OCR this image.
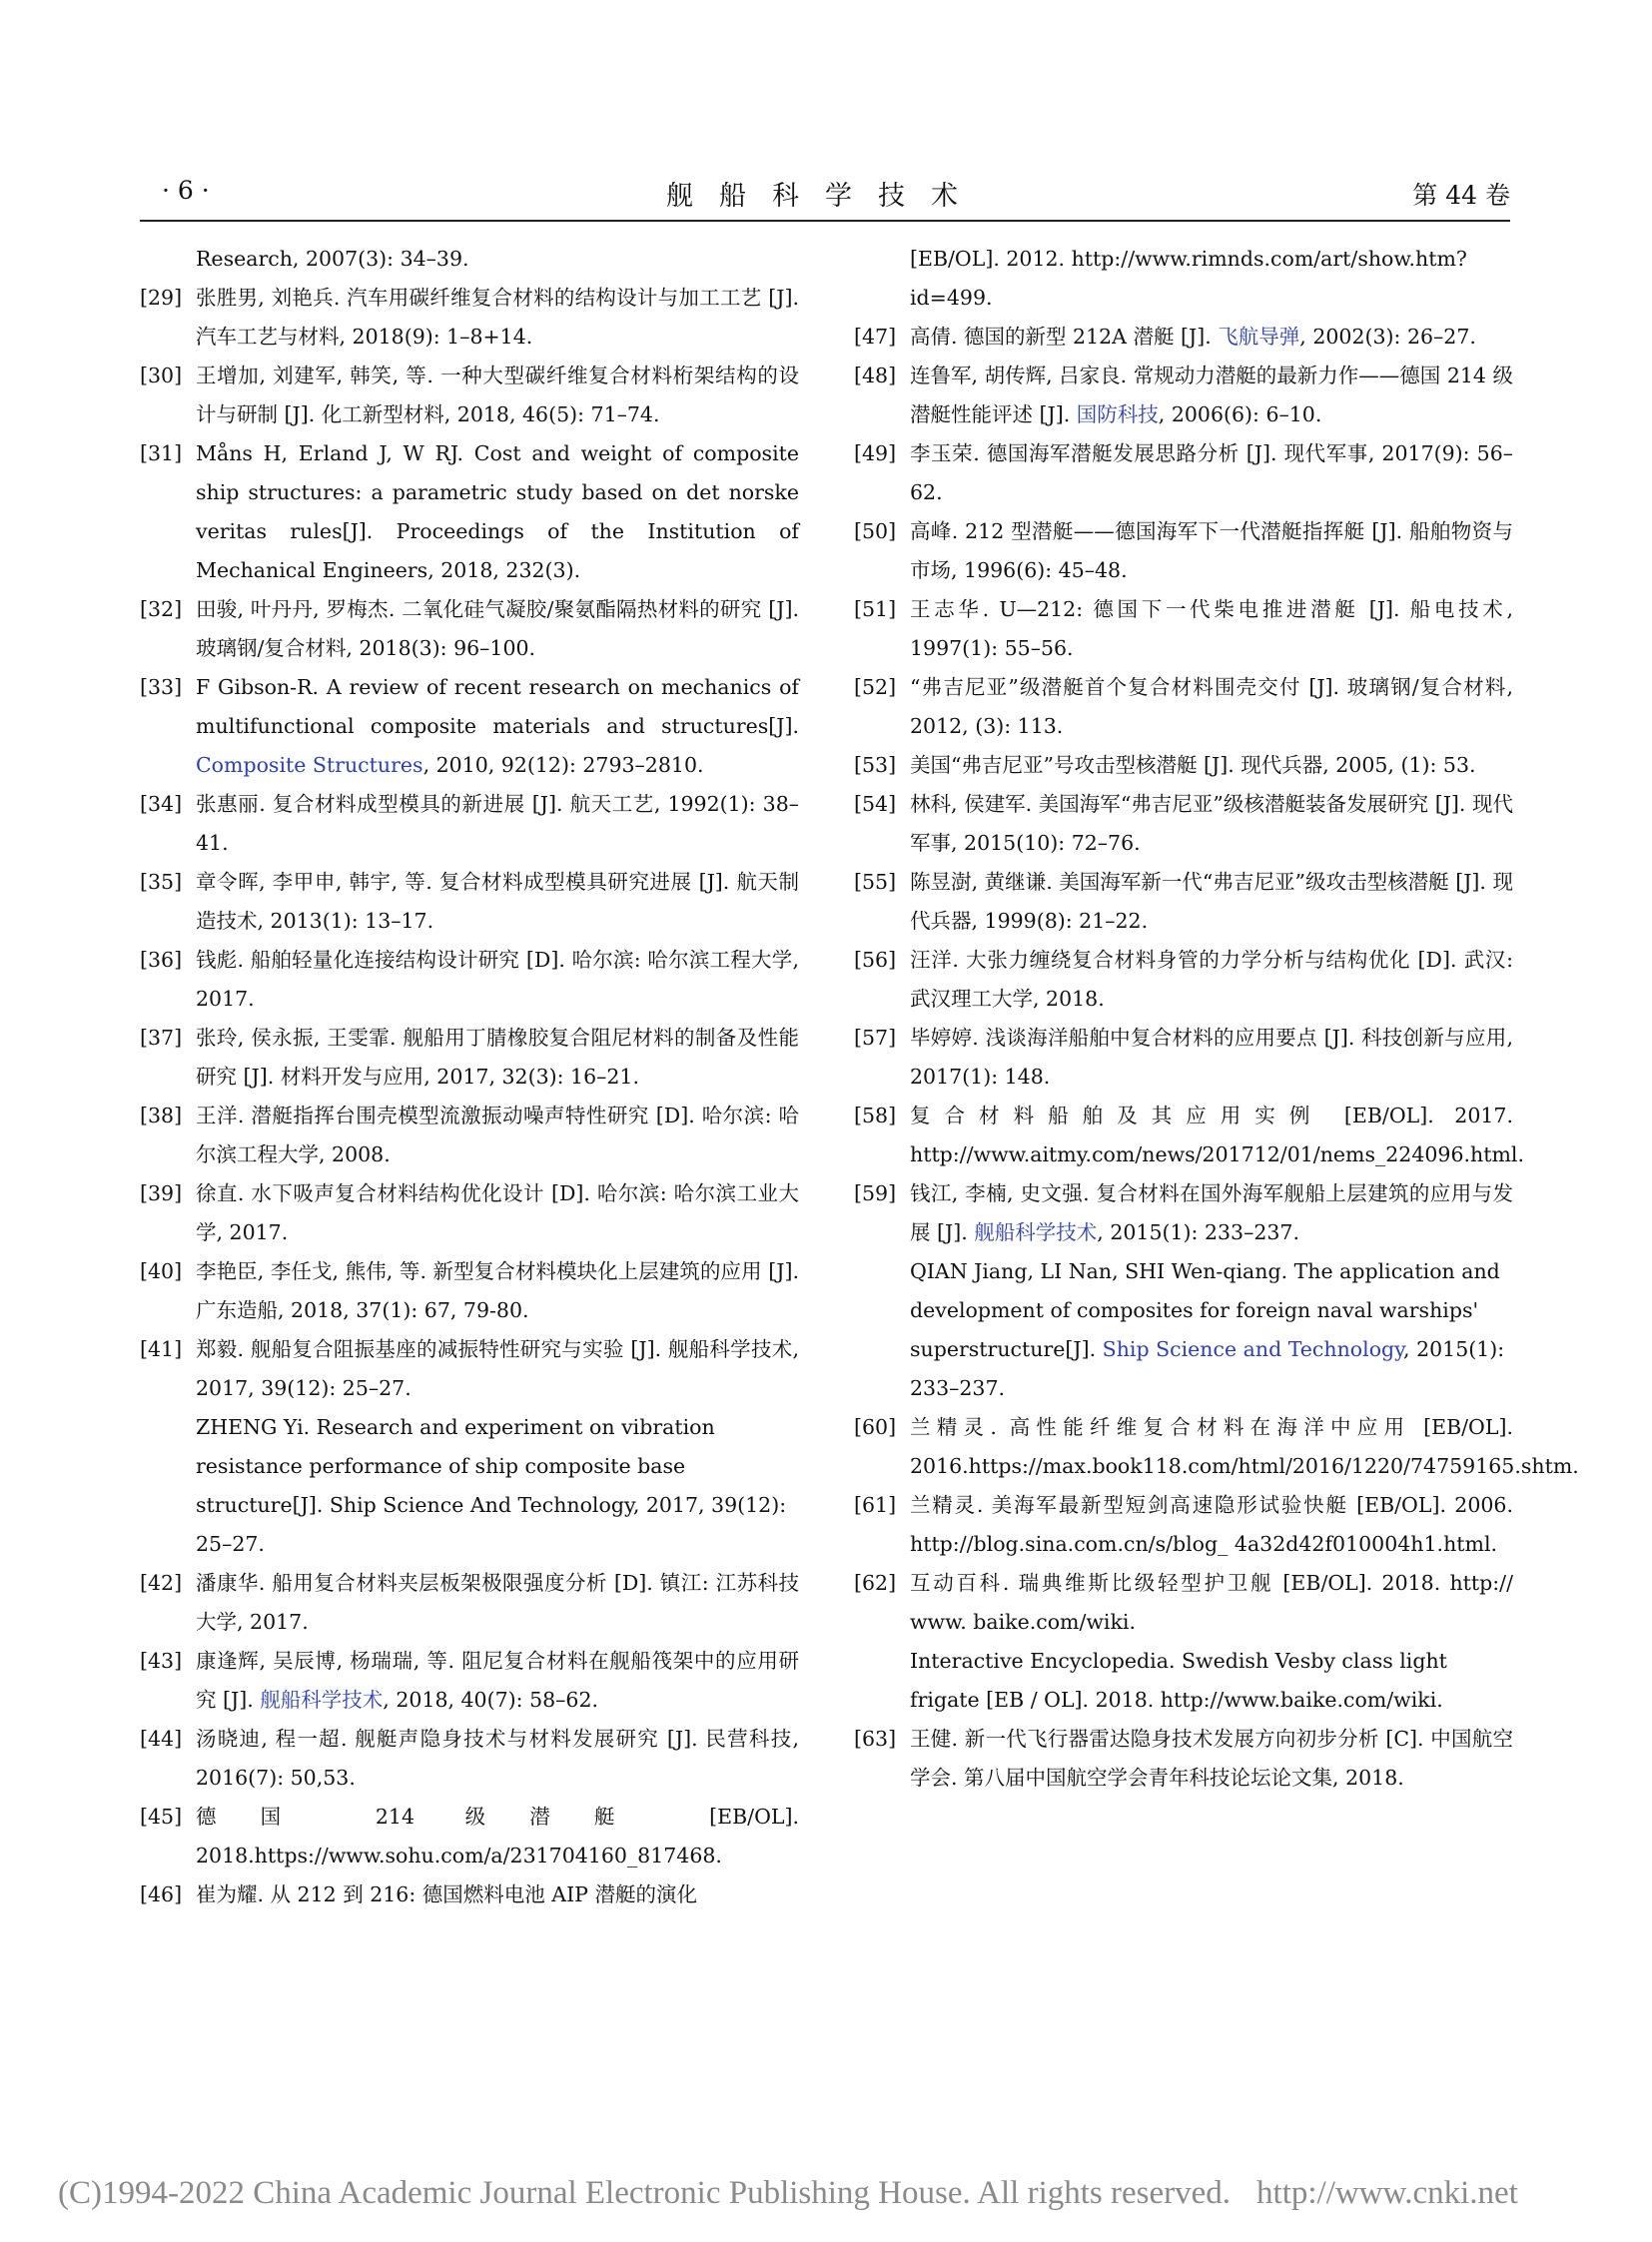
· 6 ·	舰船科学技术	第 44 卷
Research, 2007(3): 34–39.
[29] 张胜男, 刘艳兵. 汽车用碳纤维复合材料的结构设计与加工工艺 [J]. 汽车工艺与材料, 2018(9): 1–8+14.
[30] 王增加, 刘建军, 韩笑, 等. 一种大型碳纤维复合材料桁架结构的设计与研制 [J]. 化工新型材料, 2018, 46(5): 71–74.
[31] Måns H, Erland J, W RJ. Cost and weight of composite ship structures: a parametric study based on det norske veritas rules[J]. Proceedings of the Institution of Mechanical Engineers, 2018, 232(3).
[32] 田骏, 叶丹丹, 罗梅杰. 二氧化硅气凝胶/聚氨酯隔热材料的研究 [J]. 玻璃钢/复合材料, 2018(3): 96–100.
[33] F Gibson-R. A review of recent research on mechanics of multifunctional composite materials and structures[J]. Composite Structures, 2010, 92(12): 2793–2810.
[34] 张惠丽. 复合材料成型模具的新进展 [J]. 航天工艺, 1992(1): 38–41.
[35] 章令晖, 李甲申, 韩宇, 等. 复合材料成型模具研究进展 [J]. 航天制造技术, 2013(1): 13–17.
[36] 钱彪. 船舶轻量化连接结构设计研究 [D]. 哈尔滨: 哈尔滨工程大学, 2017.
[37] 张玲, 侯永振, 王雯霏. 舰船用丁腈橡胶复合阻尼材料的制备及性能研究 [J]. 材料开发与应用, 2017, 32(3): 16–21.
[38] 王洋. 潜艇指挥台围壳模型流激振动噪声特性研究 [D]. 哈尔滨: 哈尔滨工程大学, 2008.
[39] 徐直. 水下吸声复合材料结构优化设计 [D]. 哈尔滨: 哈尔滨工业大学, 2017.
[40] 李艳臣, 李任戈, 熊伟, 等. 新型复合材料模块化上层建筑的应用 [J]. 广东造船, 2018, 37(1): 67, 79-80.
[41] 郑毅. 舰船复合阻振基座的减振特性研究与实验 [J]. 舰船科学技术, 2017, 39(12): 25–27.
ZHENG Yi. Research and experiment on vibration resistance performance of ship composite base structure[J]. Ship Science And Technology, 2017, 39(12): 25–27.
[42] 潘康华. 船用复合材料夹层板架极限强度分析 [D]. 镇江: 江苏科技大学, 2017.
[43] 康逢辉, 吴辰博, 杨瑞瑞, 等. 阻尼复合材料在舰船筏架中的应用研究 [J]. 舰船科学技术, 2018, 40(7): 58–62.
[44] 汤晓迪, 程一超. 舰艇声隐身技术与材料发展研究 [J]. 民营科技, 2016(7): 50,53.
[45] 德国 214 级潜艇 [EB/OL]. 2018.https://www.sohu.com/a/231704160_817468.
[46] 崔为耀. 从 212 到 216: 德国燃料电池 AIP 潜艇的演化
[EB/OL]. 2012. http://www.rimnds.com/art/show.htm?id=499.
[47] 高倩. 德国的新型 212A 潜艇 [J]. 飞航导弹, 2002(3): 26–27.
[48] 连鲁军, 胡传辉, 吕家良. 常规动力潜艇的最新力作——德国 214 级潜艇性能评述 [J]. 国防科技, 2006(6): 6–10.
[49] 李玉荣. 德国海军潜艇发展思路分析 [J]. 现代军事, 2017(9): 56–62.
[50] 高峰. 212 型潜艇——德国海军下一代潜艇指挥艇 [J]. 船舶物资与市场, 1996(6): 45–48.
[51] 王志华. U—212: 德国下一代柴电推进潜艇 [J]. 船电技术, 1997(1): 55–56.
[52] “弗吉尼亚”级潜艇首个复合材料围壳交付 [J]. 玻璃钢/复合材料, 2012, (3): 113.
[53] 美国“弗吉尼亚”号攻击型核潜艇 [J]. 现代兵器, 2005, (1): 53.
[54] 林科, 侯建军. 美国海军“弗吉尼亚”级核潜艇装备发展研究 [J]. 现代军事, 2015(10): 72–76.
[55] 陈昱澍, 黄继谦. 美国海军新一代“弗吉尼亚”级攻击型核潜艇 [J]. 现代兵器, 1999(8): 21–22.
[56] 汪洋. 大张力缠绕复合材料身管的力学分析与结构优化 [D]. 武汉: 武汉理工大学, 2018.
[57] 毕婷婷. 浅谈海洋船舶中复合材料的应用要点 [J]. 科技创新与应用, 2017(1): 148.
[58] 复合材料船舶及其应用实例 [EB/OL]. 2017. http://www.aitmy.com/news/201712/01/nems_224096.html.
[59] 钱江, 李楠, 史文强. 复合材料在国外海军舰船上层建筑的应用与发展 [J]. 舰船科学技术, 2015(1): 233–237.
QIAN Jiang, LI Nan, SHI Wen-qiang. The application and development of composites for foreign naval warships' superstructure[J]. Ship Science and Technology, 2015(1): 233–237.
[60] 兰精灵. 高性能纤维复合材料在海洋中应用 [EB/OL]. 2016.https://max.book118.com/html/2016/1220/74759165.shtm.
[61] 兰精灵. 美海军最新型短剑高速隐形试验快艇 [EB/OL]. 2006. http://blog.sina.com.cn/s/blog_ 4a32d42f010004h1.html.
[62] 互动百科. 瑞典维斯比级轻型护卫舰 [EB/OL]. 2018. http:// www. baike.com/wiki.
Interactive Encyclopedia. Swedish Vesby class light frigate [EB / OL]. 2018. http://www.baike.com/wiki.
[63] 王健. 新一代飞行器雷达隐身技术发展方向初步分析 [C]. 中国航空学会. 第八届中国航空学会青年科技论坛论文集, 2018.
(C)1994-2022 China Academic Journal Electronic Publishing House. All rights reserved. http://www.cnki.net
